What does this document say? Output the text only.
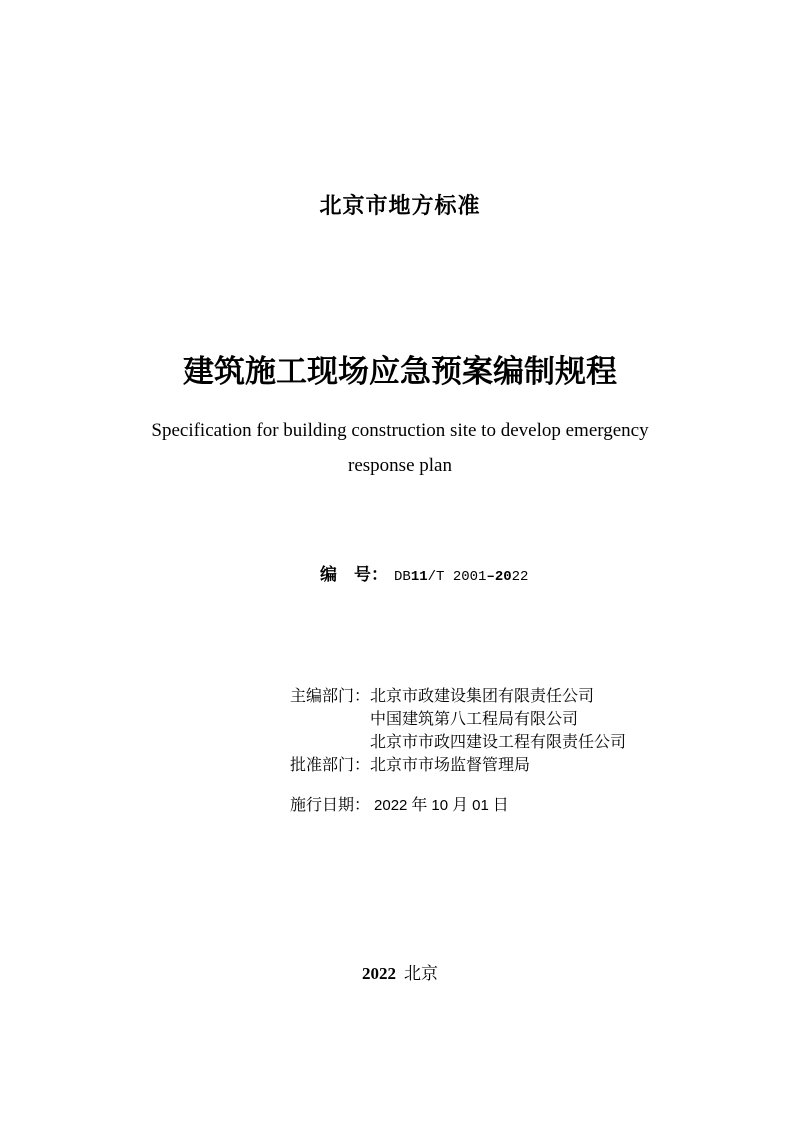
北京市地方标准
建筑施工现场应急预案编制规程
Specification for building construction site to develop emergency
response plan
编　号： DB11/T 2001–2022
主编部门： 北京市政建设集团有限责任公司
中国建筑第八工程局有限公司
北京市市政四建设工程有限责任公司
批准部门： 北京市市场监督管理局
施行日期： 2022 年 10 月 01 日
2022 北京
